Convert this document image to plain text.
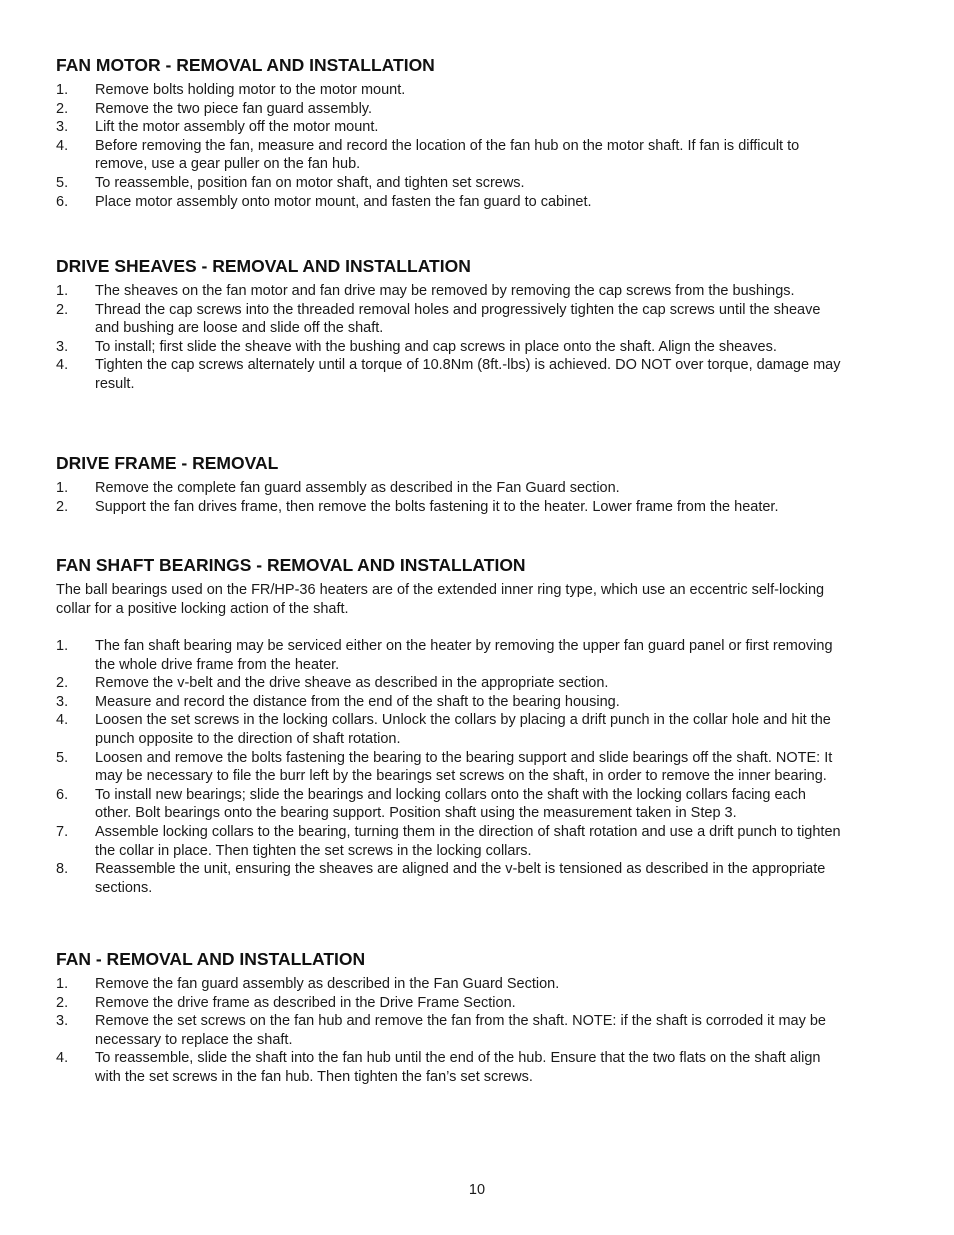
FAN MOTOR - REMOVAL AND INSTALLATION
1. Remove bolts holding motor to the motor mount.
2. Remove the two piece fan guard assembly.
3. Lift the motor assembly off the motor mount.
4. Before removing the fan, measure and record the location of the fan hub on the motor shaft. If fan is difficult to remove, use a gear puller on the fan hub.
5. To reassemble, position fan on motor shaft, and tighten set screws.
6. Place motor assembly onto motor mount, and fasten the fan guard to cabinet.
DRIVE SHEAVES - REMOVAL AND INSTALLATION
1. The sheaves on the fan motor and fan drive may be removed by removing the cap screws from the bushings.
2. Thread the cap screws into the threaded removal holes and progressively tighten the cap screws until the sheave and bushing are loose and slide off the shaft.
3. To install; first slide the sheave with the bushing and cap screws in place onto the shaft. Align the sheaves.
4. Tighten the cap screws alternately until a torque of 10.8Nm (8ft.-lbs) is achieved. DO NOT over torque, damage may result.
DRIVE FRAME - REMOVAL
1. Remove the complete fan guard assembly as described in the Fan Guard section.
2. Support the fan drives frame, then remove the bolts fastening it to the heater. Lower frame from the heater.
FAN SHAFT BEARINGS - REMOVAL AND INSTALLATION
The ball bearings used on the FR/HP-36 heaters are of the extended inner ring type, which use an eccentric self-locking collar for a positive locking action of the shaft.
1. The fan shaft bearing may be serviced either on the heater by removing the upper fan guard panel or first removing the whole drive frame from the heater.
2. Remove the v-belt and the drive sheave as described in the appropriate section.
3. Measure and record the distance from the end of the shaft to the bearing housing.
4. Loosen the set screws in the locking collars. Unlock the collars by placing a drift punch in the collar hole and hit the punch opposite to the direction of shaft rotation.
5. Loosen and remove the bolts fastening the bearing to the bearing support and slide bearings off the shaft. NOTE: It may be necessary to file the burr left by the bearings set screws on the shaft, in order to remove the inner bearing.
6. To install new bearings; slide the bearings and locking collars onto the shaft with the locking collars facing each other. Bolt bearings onto the bearing support. Position shaft using the measurement taken in Step 3.
7. Assemble locking collars to the bearing, turning them in the direction of shaft rotation and use a drift punch to tighten the collar in place. Then tighten the set screws in the locking collars.
8. Reassemble the unit, ensuring the sheaves are aligned and the v-belt is tensioned as described in the appropriate sections.
FAN - REMOVAL AND INSTALLATION
1. Remove the fan guard assembly as described in the Fan Guard Section.
2. Remove the drive frame as described in the Drive Frame Section.
3. Remove the set screws on the fan hub and remove the fan from the shaft. NOTE: if the shaft is corroded it may be necessary to replace the shaft.
4. To reassemble, slide the shaft into the fan hub until the end of the hub. Ensure that the two flats on the shaft align with the set screws in the fan hub. Then tighten the fan’s set screws.
10
